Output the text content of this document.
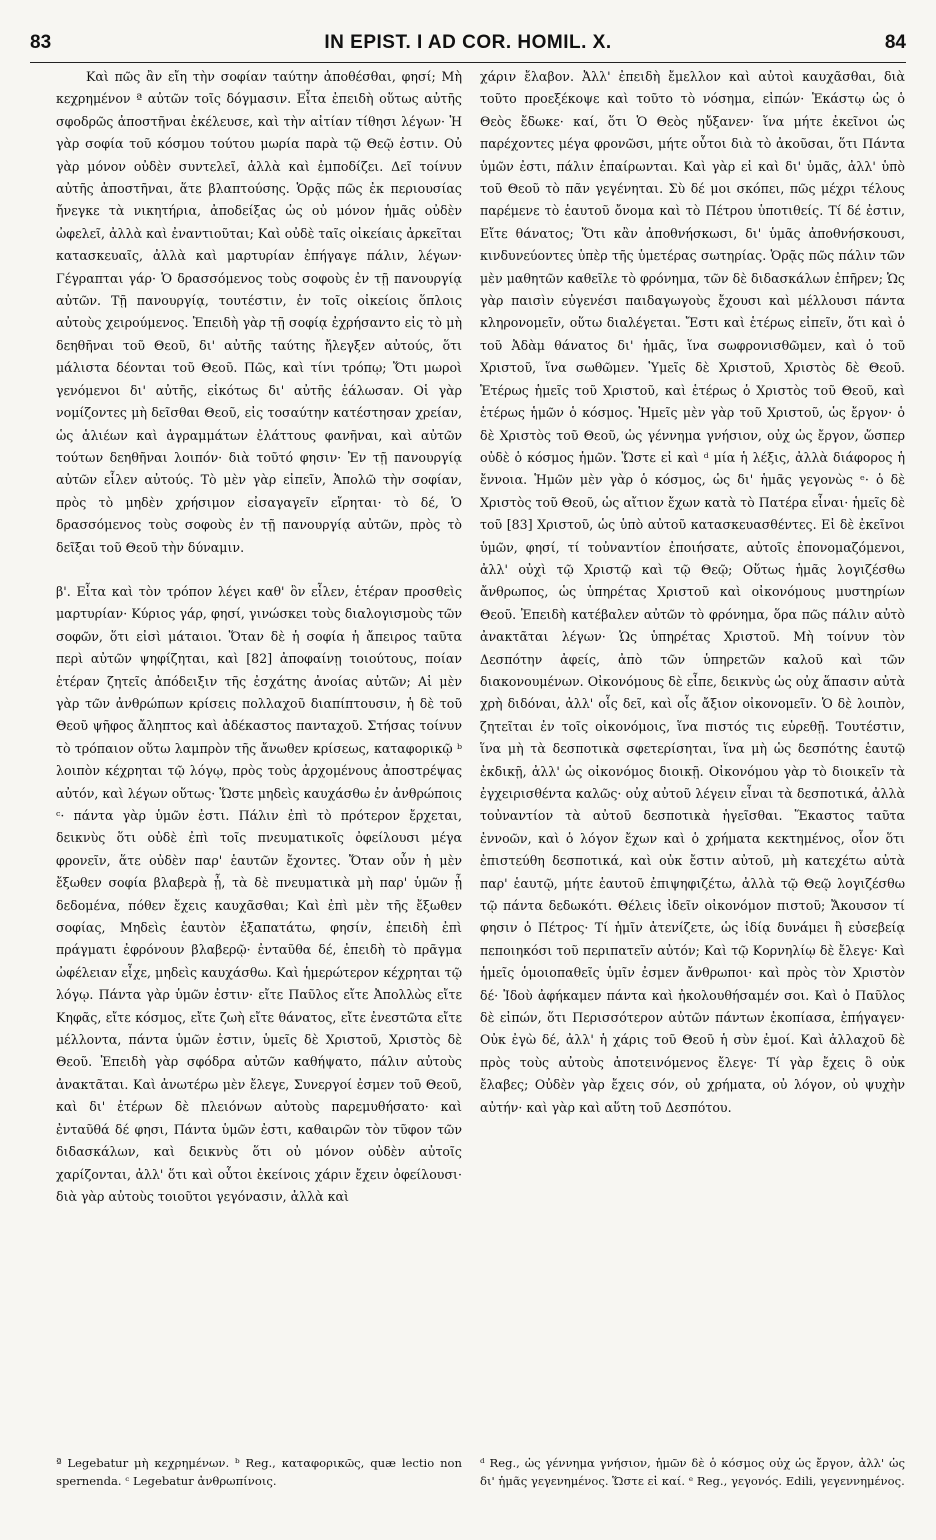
83	IN EPIST. I AD COR. HOMIL. X.	84

Καὶ πῶς ἂν εἴη τὴν σοφίαν ταύτην ἀποθέσθαι, φησί; Μὴ κεχρημένον ª αὐτῶν τοῖς δόγμασιν. Εἶτα ἐπειδὴ οὕτως αὐτῆς σφοδρῶς ἀποστῆναι ἐκέλευσε, καὶ τὴν αἰτίαν τίθησι λέγων· Ἡ γὰρ σοφία τοῦ κόσμου τούτου μωρία παρὰ τῷ Θεῷ ἐστιν. Οὐ γὰρ μόνον οὐδὲν συντελεῖ, ἀλλὰ καὶ ἐμποδίζει. Δεῖ τοίνυν αὐτῆς ἀποστῆναι, ἅτε βλαπτούσης. Ὁρᾷς πῶς ἐκ περιουσίας ἤνεγκε τὰ νικητήρια, ἀποδείξας ὡς οὐ μόνον ἡμᾶς οὐδὲν ὠφελεῖ, ἀλλὰ καὶ ἐναντιοῦται; Καὶ οὐδὲ ταῖς οἰκείαις ἀρκεῖται κατασκευαῖς, ἀλλὰ καὶ μαρτυρίαν ἐπήγαγε πάλιν, λέγων· Γέγραπται γάρ· Ὁ δρασσόμενος τοὺς σοφοὺς ἐν τῇ πανουργίᾳ αὐτῶν. Τῇ πανουργίᾳ, τουτέστιν, ἐν τοῖς οἰκείοις ὅπλοις αὐτοὺς χειρούμενος. Ἐπειδὴ γὰρ τῇ σοφίᾳ ἐχρήσαντο εἰς τὸ μὴ δεηθῆναι τοῦ Θεοῦ, δι' αὐτῆς ταύτης ἤλεγξεν αὐτούς, ὅτι μάλιστα δέονται τοῦ Θεοῦ. Πῶς, καὶ τίνι τρόπῳ; Ὅτι μωροὶ γενόμενοι δι' αὐτῆς, εἰκότως δι' αὐτῆς ἑάλωσαν. Οἱ γὰρ νομίζοντες μὴ δεῖσθαι Θεοῦ, εἰς τοσαύτην κατέστησαν χρείαν, ὡς ἁλιέων καὶ ἀγραμμάτων ἐλάττους φανῆναι, καὶ αὐτῶν τούτων δεηθῆναι λοιπόν· διὰ τοῦτό φησιν· Ἐν τῇ πανουργίᾳ αὐτῶν εἷλεν αὐτούς. Τὸ μὲν γὰρ εἰπεῖν, Ἀπολῶ τὴν σοφίαν, πρὸς τὸ μηδὲν χρήσιμον εἰσαγαγεῖν εἴρηται· τὸ δέ, Ὁ δρασσόμενος τοὺς σοφοὺς ἐν τῇ πανουργίᾳ αὐτῶν, πρὸς τὸ δεῖξαι τοῦ Θεοῦ τὴν δύναμιν.

β'. Εἶτα καὶ τὸν τρόπον λέγει καθ' ὃν εἷλεν, ἑτέραν προσθεὶς μαρτυρίαν· Κύριος γάρ, φησί, γινώσκει τοὺς διαλογισμοὺς τῶν σοφῶν, ὅτι εἰσὶ μάταιοι. Ὅταν δὲ ἡ σοφία ἡ ἄπειρος ταῦτα περὶ αὐτῶν ψηφίζηται, καὶ [82] ἀποφαίνῃ τοιούτους, ποίαν ἑτέραν ζητεῖς ἀπόδειξιν τῆς ἐσχάτης ἀνοίας αὐτῶν; Αἱ μὲν γὰρ τῶν ἀνθρώπων κρίσεις πολλαχοῦ διαπίπτουσιν, ἡ δὲ τοῦ Θεοῦ ψῆφος ἄληπτος καὶ ἀδέκαστος πανταχοῦ. Στήσας τοίνυν τὸ τρόπαιον οὕτω λαμπρὸν τῆς ἄνωθεν κρίσεως, καταφορικῷ ᵇ λοιπὸν κέχρηται τῷ λόγῳ, πρὸς τοὺς ἀρχομένους ἀποστρέψας αὐτόν, καὶ λέγων οὕτως· Ὥστε μηδεὶς καυχάσθω ἐν ἀνθρώποις ᶜ· πάντα γὰρ ὑμῶν ἐστι. Πάλιν ἐπὶ τὸ πρότερον ἔρχεται, δεικνὺς ὅτι οὐδὲ ἐπὶ τοῖς πνευματικοῖς ὀφείλουσι μέγα φρονεῖν, ἅτε οὐδὲν παρ' ἑαυτῶν ἔχοντες. Ὅταν οὖν ἡ μὲν ἔξωθεν σοφία βλαβερὰ ᾖ, τὰ δὲ πνευματικὰ μὴ παρ' ὑμῶν ᾖ δεδομένα, πόθεν ἔχεις καυχᾶσθαι; Καὶ ἐπὶ μὲν τῆς ἔξωθεν σοφίας, Μηδεὶς ἑαυτὸν ἐξαπατάτω, φησίν, ἐπειδὴ ἐπὶ πράγματι ἐφρόνουν βλαβερῷ· ἐνταῦθα δέ, ἐπειδὴ τὸ πρᾶγμα ὠφέλειαν εἶχε, μηδεὶς καυχάσθω. Καὶ ἡμερώτερον κέχρηται τῷ λόγῳ. Πάντα γὰρ ὑμῶν ἐστιν· εἴτε Παῦλος εἴτε Ἀπολλὼς εἴτε Κηφᾶς, εἴτε κόσμος, εἴτε ζωὴ εἴτε θάνατος, εἴτε ἐνεστῶτα εἴτε μέλλοντα, πάντα ὑμῶν ἐστιν, ὑμεῖς δὲ Χριστοῦ, Χριστὸς δὲ Θεοῦ. Ἐπειδὴ γὰρ σφόδρα αὐτῶν καθήψατο, πάλιν αὐτοὺς ἀνακτᾶται. Καὶ ἀνωτέρω μὲν ἔλεγε, Συνεργοί ἐσμεν τοῦ Θεοῦ, καὶ δι' ἑτέρων δὲ πλειόνων αὐτοὺς παρεμυθήσατο· καὶ ἐνταῦθά δέ φησι, Πάντα ὑμῶν ἐστι, καθαιρῶν τὸν τῦφον τῶν διδασκάλων, καὶ δεικνὺς ὅτι οὐ μόνον οὐδὲν αὐτοῖς χαρίζονται, ἀλλ' ὅτι καὶ οὗτοι ἐκείνοις χάριν ἔχειν ὀφείλουσι· διὰ γὰρ αὐτοὺς τοιοῦτοι γεγόνασιν, ἀλλὰ καὶ

χάριν ἔλαβον. Ἀλλ' ἐπειδὴ ἔμελλον καὶ αὐτοὶ καυχᾶσθαι, διὰ τοῦτο προεξέκοψε καὶ τοῦτο τὸ νόσημα, εἰπών· Ἑκάστῳ ὡς ὁ Θεὸς ἔδωκε· καί, ὅτι Ὁ Θεὸς ηὔξανεν· ἵνα μήτε ἐκεῖνοι ὡς παρέχοντες μέγα φρονῶσι, μήτε οὗτοι διὰ τὸ ἀκοῦσαι, ὅτι Πάντα ὑμῶν ἐστι, πάλιν ἐπαίρωνται. Καὶ γὰρ εἰ καὶ δι' ὑμᾶς, ἀλλ' ὑπὸ τοῦ Θεοῦ τὸ πᾶν γεγένηται. Σὺ δέ μοι σκόπει, πῶς μέχρι τέλους παρέμενε τὸ ἑαυτοῦ ὄνομα καὶ τὸ Πέτρου ὑποτιθείς. Τί δέ ἐστιν, Εἴτε θάνατος; Ὅτι κἂν ἀποθνήσκωσι, δι' ὑμᾶς ἀποθνήσκουσι, κινδυνεύοντες ὑπὲρ τῆς ὑμετέρας σωτηρίας. Ὁρᾷς πῶς πάλιν τῶν μὲν μαθητῶν καθεῖλε τὸ φρόνημα, τῶν δὲ διδασκάλων ἐπῆρεν; Ὡς γὰρ παισὶν εὐγενέσι παιδαγωγοὺς ἔχουσι καὶ μέλλουσι πάντα κληρονομεῖν, οὕτω διαλέγεται. Ἔστι καὶ ἑτέρως εἰπεῖν, ὅτι καὶ ὁ τοῦ Ἀδὰμ θάνατος δι' ἡμᾶς, ἵνα σωφρονισθῶμεν, καὶ ὁ τοῦ Χριστοῦ, ἵνα σωθῶμεν. Ὑμεῖς δὲ Χριστοῦ, Χριστὸς δὲ Θεοῦ. Ἑτέρως ἡμεῖς τοῦ Χριστοῦ, καὶ ἑτέρως ὁ Χριστὸς τοῦ Θεοῦ, καὶ ἑτέρως ἡμῶν ὁ κόσμος. Ἡμεῖς μὲν γὰρ τοῦ Χριστοῦ, ὡς ἔργον· ὁ δὲ Χριστὸς τοῦ Θεοῦ, ὡς γέννημα γνήσιον, οὐχ ὡς ἔργον, ὥσπερ οὐδὲ ὁ κόσμος ἡμῶν. Ὥστε εἰ καὶ ᵈ μία ἡ λέξις, ἀλλὰ διάφορος ἡ ἔννοια. Ἡμῶν μὲν γὰρ ὁ κόσμος, ὡς δι' ἡμᾶς γεγονὼς ᵉ· ὁ δὲ Χριστὸς τοῦ Θεοῦ, ὡς αἴτιον ἔχων κατὰ τὸ Πατέρα εἶναι· ἡμεῖς δὲ τοῦ [83] Χριστοῦ, ὡς ὑπὸ αὐτοῦ κατασκευασθέντες. Εἰ δὲ ἐκεῖνοι ὑμῶν, φησί, τί τοὐναντίον ἐποιήσατε, αὐτοῖς ἐπονομαζόμενοι, ἀλλ' οὐχὶ τῷ Χριστῷ καὶ τῷ Θεῷ; Οὕτως ἡμᾶς λογιζέσθω ἄνθρωπος, ὡς ὑπηρέτας Χριστοῦ καὶ οἰκονόμους μυστηρίων Θεοῦ. Ἐπειδὴ κατέβαλεν αὐτῶν τὸ φρόνημα, ὅρα πῶς πάλιν αὐτὸ ἀνακτᾶται λέγων· Ὡς ὑπηρέτας Χριστοῦ. Μὴ τοίνυν τὸν Δεσπότην ἀφείς, ἀπὸ τῶν ὑπηρετῶν καλοῦ καὶ τῶν διακονουμένων. Οἰκονόμους δὲ εἶπε, δεικνὺς ὡς οὐχ ἅπασιν αὐτὰ χρὴ διδόναι, ἀλλ' οἷς δεῖ, καὶ οἷς ἄξιον οἰκονομεῖν. Ὁ δὲ λοιπὸν, ζητεῖται ἐν τοῖς οἰκονόμοις, ἵνα πιστός τις εὑρεθῇ. Τουτέστιν, ἵνα μὴ τὰ δεσποτικὰ σφετερίσηται, ἵνα μὴ ὡς δεσπότης ἑαυτῷ ἐκδικῇ, ἀλλ' ὡς οἰκονόμος διοικῇ. Οἰκονόμου γὰρ τὸ διοικεῖν τὰ ἐγχειρισθέντα καλῶς· οὐχ αὐτοῦ λέγειν εἶναι τὰ δεσποτικά, ἀλλὰ τοὐναντίον τὰ αὐτοῦ δεσποτικὰ ἡγεῖσθαι. Ἕκαστος ταῦτα ἐννοῶν, καὶ ὁ λόγον ἔχων καὶ ὁ χρήματα κεκτημένος, οἷον ὅτι ἐπιστεύθη δεσποτικά, καὶ οὐκ ἔστιν αὐτοῦ, μὴ κατεχέτω αὐτὰ παρ' ἑαυτῷ, μήτε ἑαυτοῦ ἐπιψηφιζέτω, ἀλλὰ τῷ Θεῷ λογιζέσθω τῷ πάντα δεδωκότι. Θέλεις ἰδεῖν οἰκονόμον πιστοῦ; Ἄκουσον τί φησιν ὁ Πέτρος· Τί ἡμῖν ἀτενίζετε, ὡς ἰδίᾳ δυνάμει ἢ εὐσεβείᾳ πεποιηκόσι τοῦ περιπατεῖν αὐτόν; Καὶ τῷ Κορνηλίῳ δὲ ἔλεγε· Καὶ ἡμεῖς ὁμοιοπαθεῖς ὑμῖν ἐσμεν ἄνθρωποι· καὶ πρὸς τὸν Χριστὸν δέ· Ἰδοὺ ἀφήκαμεν πάντα καὶ ἠκολουθήσαμέν σοι. Καὶ ὁ Παῦλος δὲ εἰπών, ὅτι Περισσότερον αὐτῶν πάντων ἐκοπίασα, ἐπήγαγεν· Οὐκ ἐγὼ δέ, ἀλλ' ἡ χάρις τοῦ Θεοῦ ἡ σὺν ἐμοί. Καὶ ἀλλαχοῦ δὲ πρὸς τοὺς αὐτοὺς ἀποτεινόμενος ἔλεγε· Τί γὰρ ἔχεις ὃ οὐκ ἔλαβες; Οὐδὲν γὰρ ἔχεις σόν, οὐ χρήματα, οὐ λόγον, οὐ ψυχὴν αὐτήν· καὶ γὰρ καὶ αὕτη τοῦ Δεσπότου.

ª Legebatur μὴ κεχρημένων. ᵇ Reg., καταφορικῶς, quæ lectio non spernenda. ᶜ Legebatur ἀνθρωπίνοις.
ᵈ Reg., ὡς γέννημα γνήσιον, ἡμῶν δὲ ὁ κόσμος οὐχ ὡς ἔργον, ἀλλ' ὡς δι' ἡμᾶς γεγενημένος. Ὥστε εἰ καί. ᵉ Reg., γεγονός. Edili, γεγεννημένος.
